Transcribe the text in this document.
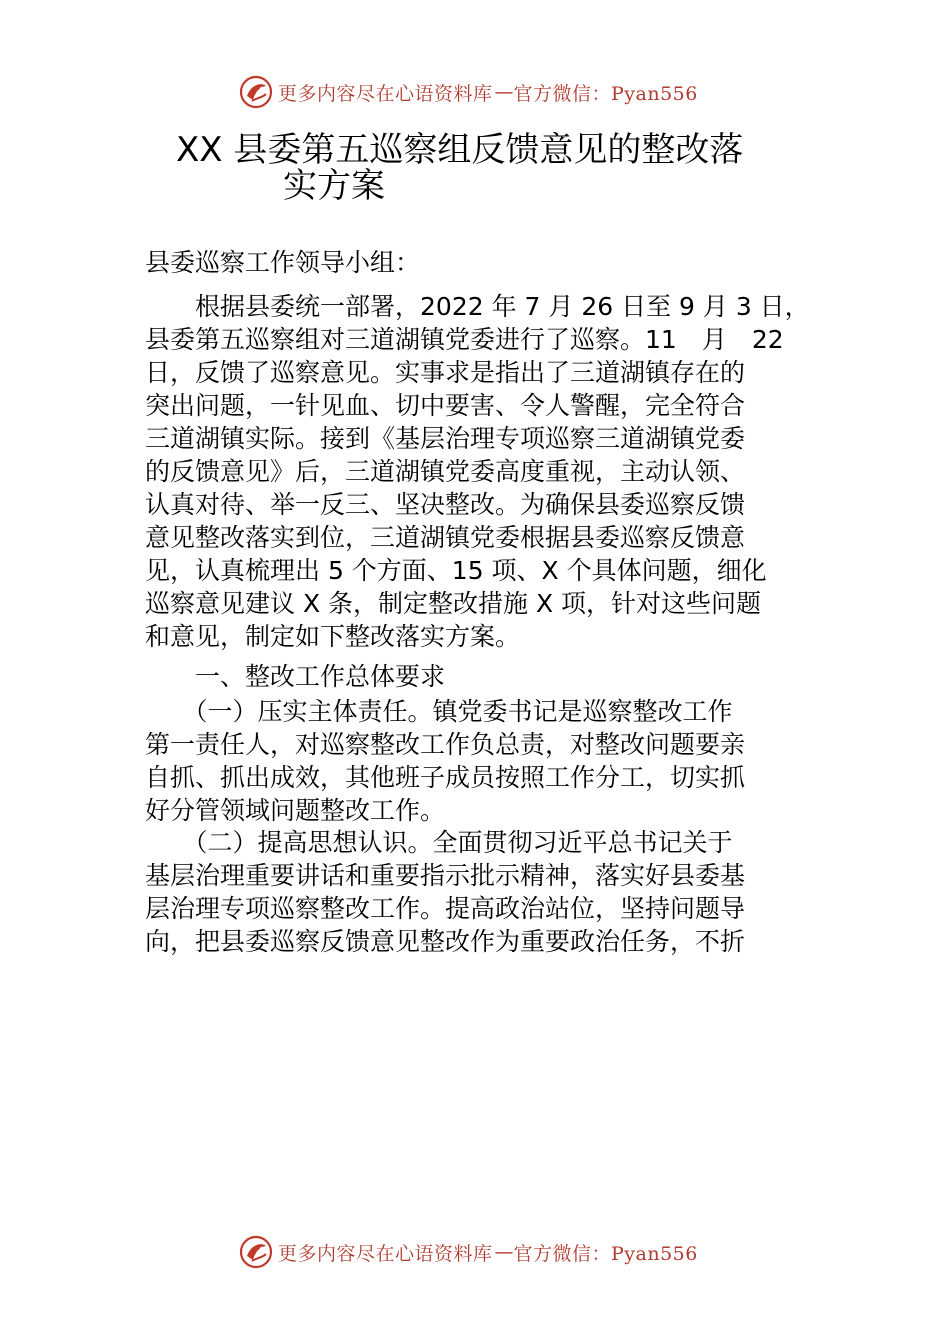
更多内容尽在心语资料库 — 官方微信：Pyan556
XX 县委第五巡察组反馈意见的整改落
实方案
县委巡察工作领导小组：
　　根据县委统一部署，2022 年 7 月 26 日至 9 月 3 日，
县委第五巡察组对三道湖镇党委进行了巡察。11　月　22
日，反馈了巡察意见。实事求是指出了三道湖镇存在的
突出问题，一针见血、切中要害、令人警醒，完全符合
三道湖镇实际。接到《基层治理专项巡察三道湖镇党委
的反馈意见》后，三道湖镇党委高度重视，主动认领、
认真对待、举一反三、坚决整改。为确保县委巡察反馈
意见整改落实到位，三道湖镇党委根据县委巡察反馈意
见，认真梳理出 5 个方面、15 项、X 个具体问题，细化
巡察意见建议 X 条，制定整改措施 X 项，针对这些问题
和意见，制定如下整改落实方案。
　　一、整改工作总体要求
　　（一）压实主体责任。镇党委书记是巡察整改工作
第一责任人，对巡察整改工作负总责，对整改问题要亲
自抓、抓出成效，其他班子成员按照工作分工，切实抓
好分管领域问题整改工作。
　　（二）提高思想认识。全面贯彻习近平总书记关于
基层治理重要讲话和重要指示批示精神，落实好县委基
层治理专项巡察整改工作。提高政治站位，坚持问题导
向，把县委巡察反馈意见整改作为重要政治任务，不折
更多内容尽在心语资料库 — 官方微信：Pyan556
